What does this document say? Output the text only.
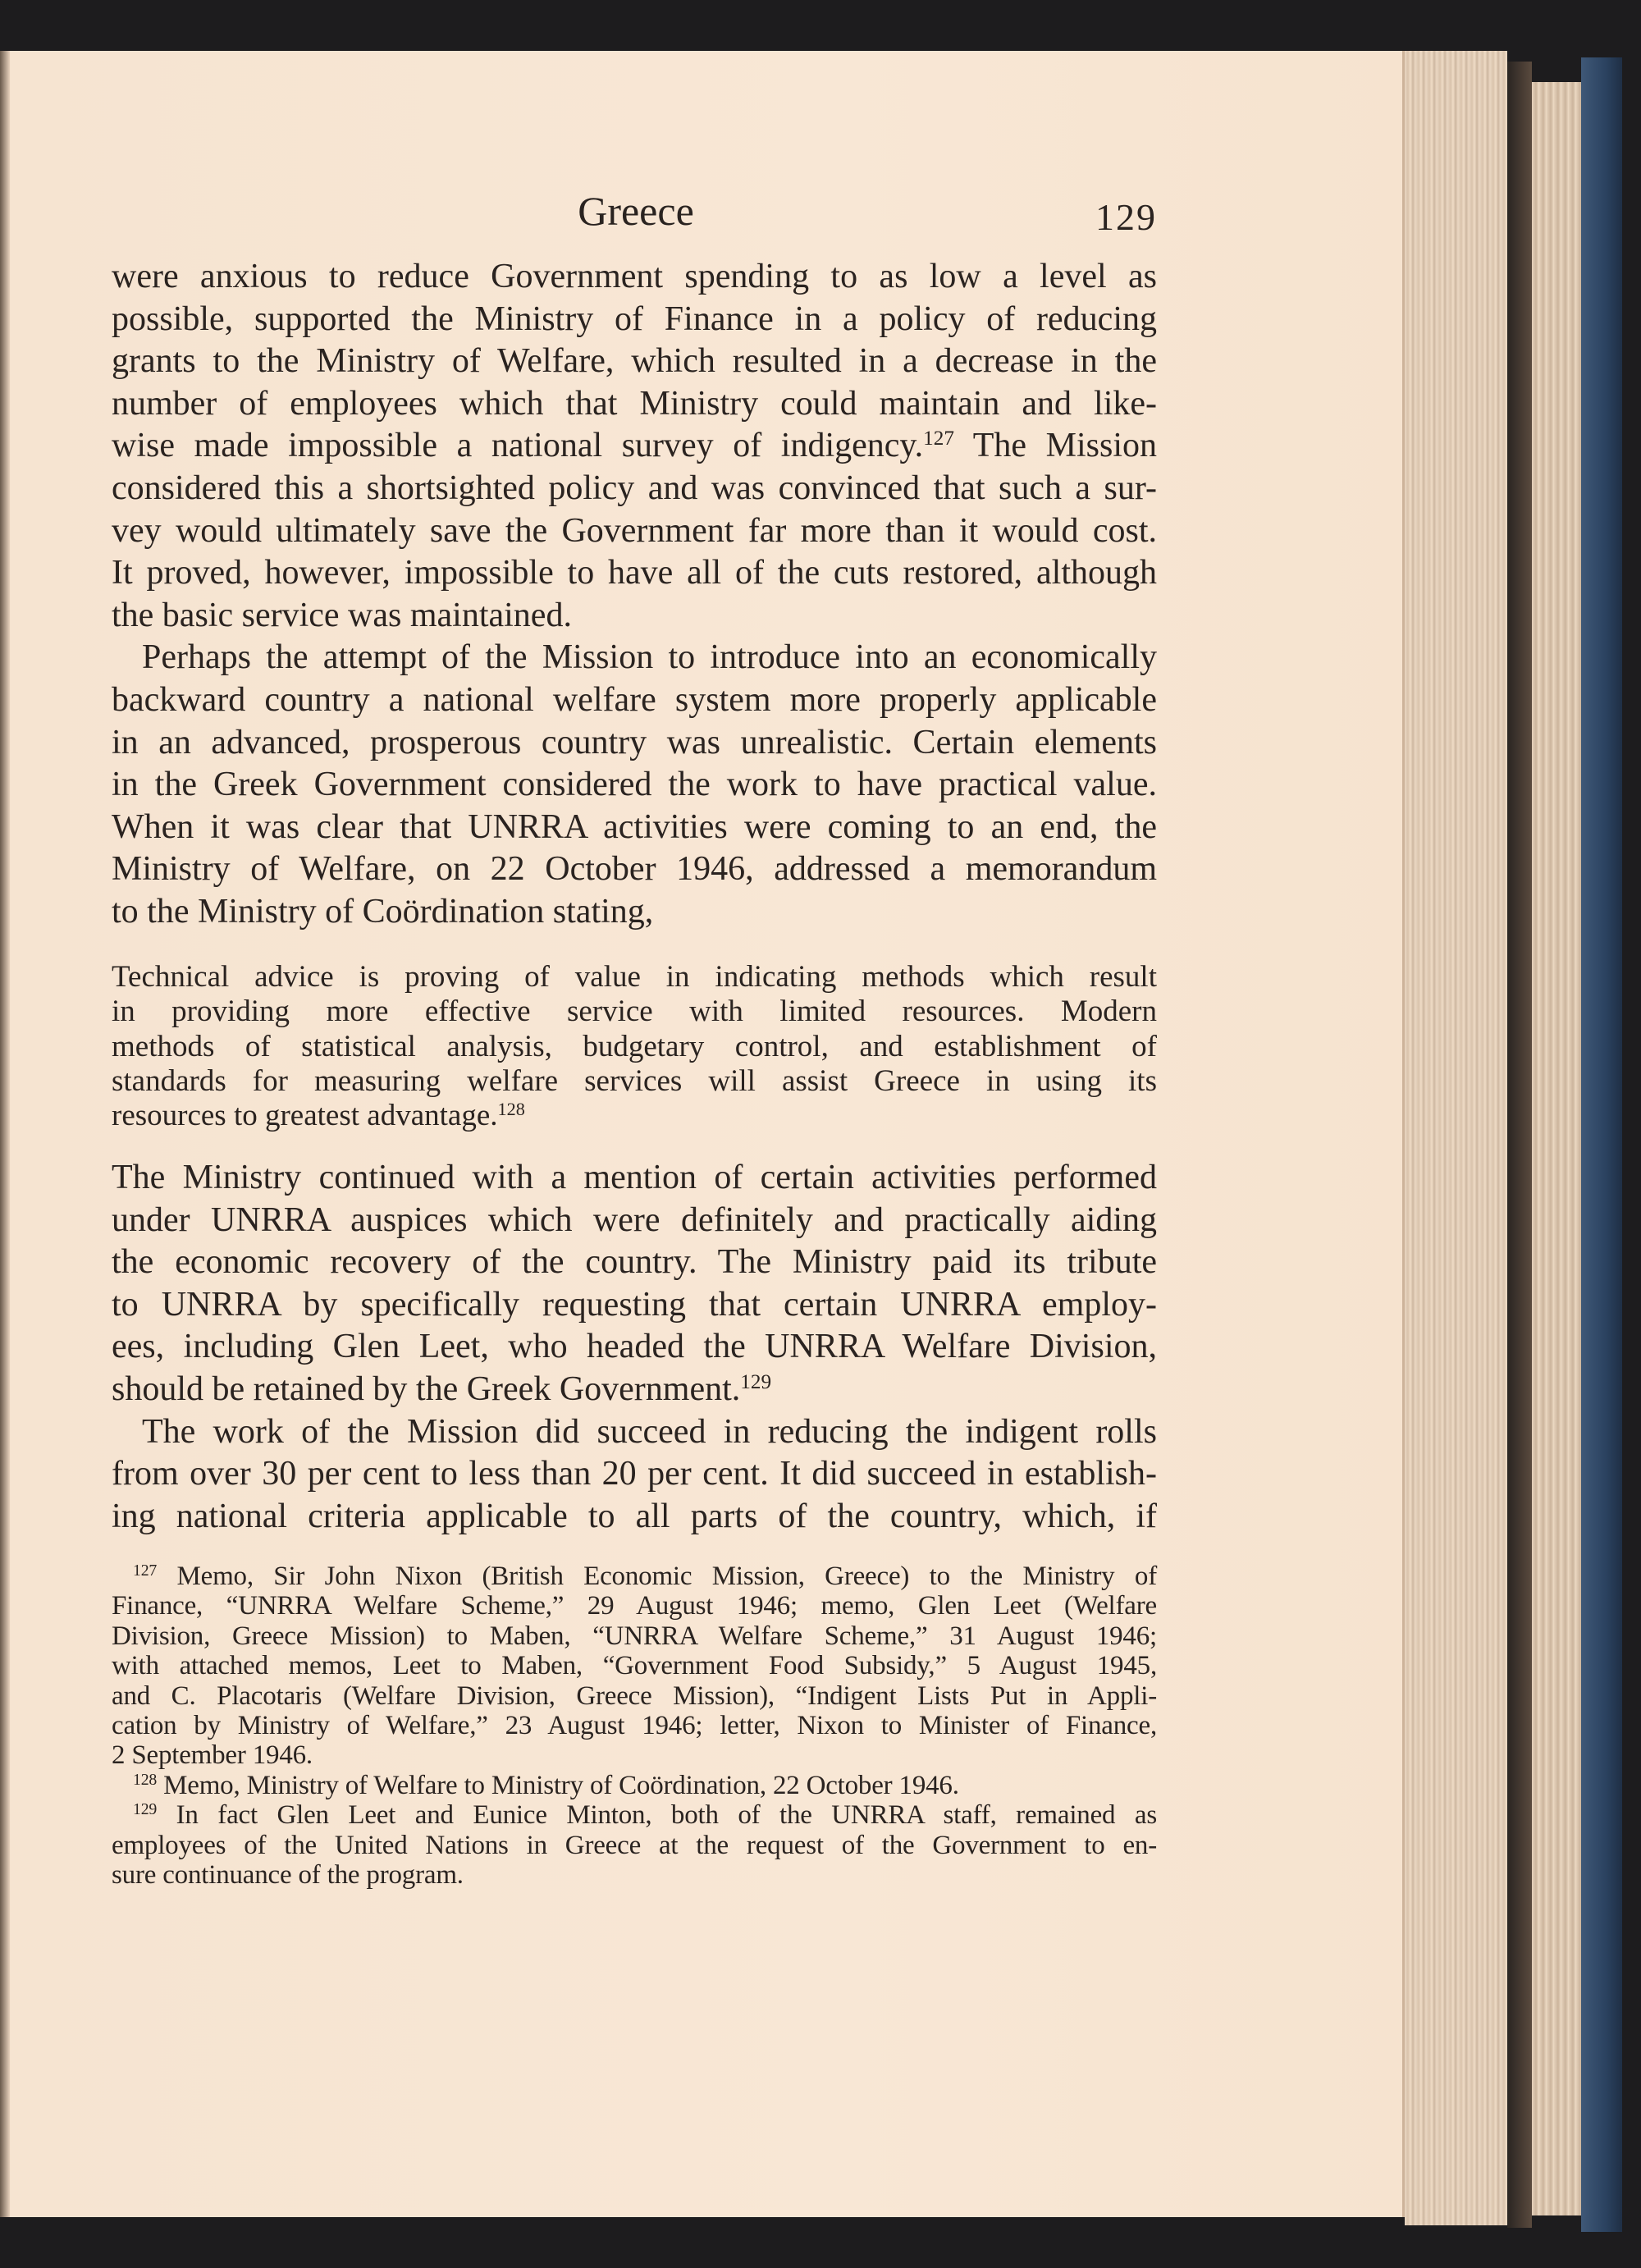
Greece	129
were anxious to reduce Government spending to as low a level as
possible, supported the Ministry of Finance in a policy of reducing
grants to the Ministry of Welfare, which resulted in a decrease in the
number of employees which that Ministry could maintain and like-
wise made impossible a national survey of indigency.$^{127}$ The Mission
considered this a shortsighted policy and was convinced that such a sur-
vey would ultimately save the Government far more than it would cost.
It proved, however, impossible to have all of the cuts restored, although
the basic service was maintained.
Perhaps the attempt of the Mission to introduce into an economically
backward country a national welfare system more properly applicable
in an advanced, prosperous country was unrealistic. Certain elements
in the Greek Government considered the work to have practical value.
When it was clear that UNRRA activities were coming to an end, the
Ministry of Welfare, on 22 October 1946, addressed a memorandum
to the Ministry of Coördination stating,
Technical advice is proving of value in indicating methods which result
in providing more effective service with limited resources. Modern
methods of statistical analysis, budgetary control, and establishment of
standards for measuring welfare services will assist Greece in using its
resources to greatest advantage.$^{128}$
The Ministry continued with a mention of certain activities performed
under UNRRA auspices which were definitely and practically aiding
the economic recovery of the country. The Ministry paid its tribute
to UNRRA by specifically requesting that certain UNRRA employ-
ees, including Glen Leet, who headed the UNRRA Welfare Division,
should be retained by the Greek Government.$^{129}$
The work of the Mission did succeed in reducing the indigent rolls
from over 30 per cent to less than 20 per cent. It did succeed in establish-
ing national criteria applicable to all parts of the country, which, if
$^{127}$ Memo, Sir John Nixon (British Economic Mission, Greece) to the Ministry of
Finance, “UNRRA Welfare Scheme,” 29 August 1946; memo, Glen Leet (Welfare
Division, Greece Mission) to Maben, “UNRRA Welfare Scheme,” 31 August 1946;
with attached memos, Leet to Maben, “Government Food Subsidy,” 5 August 1945,
and C. Placotaris (Welfare Division, Greece Mission), “Indigent Lists Put in Appli-
cation by Ministry of Welfare,” 23 August 1946; letter, Nixon to Minister of Finance,
2 September 1946.
$^{128}$ Memo, Ministry of Welfare to Ministry of Coördination, 22 October 1946.
$^{129}$ In fact Glen Leet and Eunice Minton, both of the UNRRA staff, remained as
employees of the United Nations in Greece at the request of the Government to en-
sure continuance of the program.
